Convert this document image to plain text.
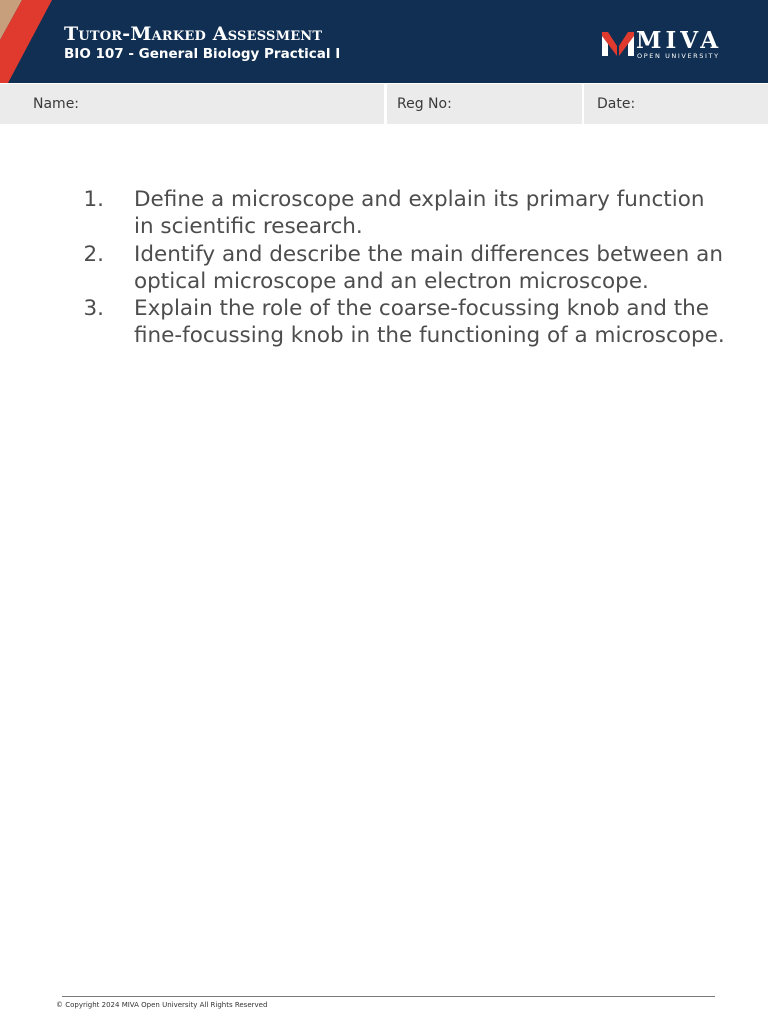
Tutor-Marked Assessment
BIO 107 - General Biology Practical I	MIVA
OPEN UNIVERSITY
Name:	Reg No:	Date:
1. Define a microscope and explain its primary function in scientific research.
2. Identify and describe the main differences between an optical microscope and an electron microscope.
3. Explain the role of the coarse-focussing knob and the fine-focussing knob in the functioning of a microscope.
© Copyright 2024 MIVA Open University All Rights Reserved
